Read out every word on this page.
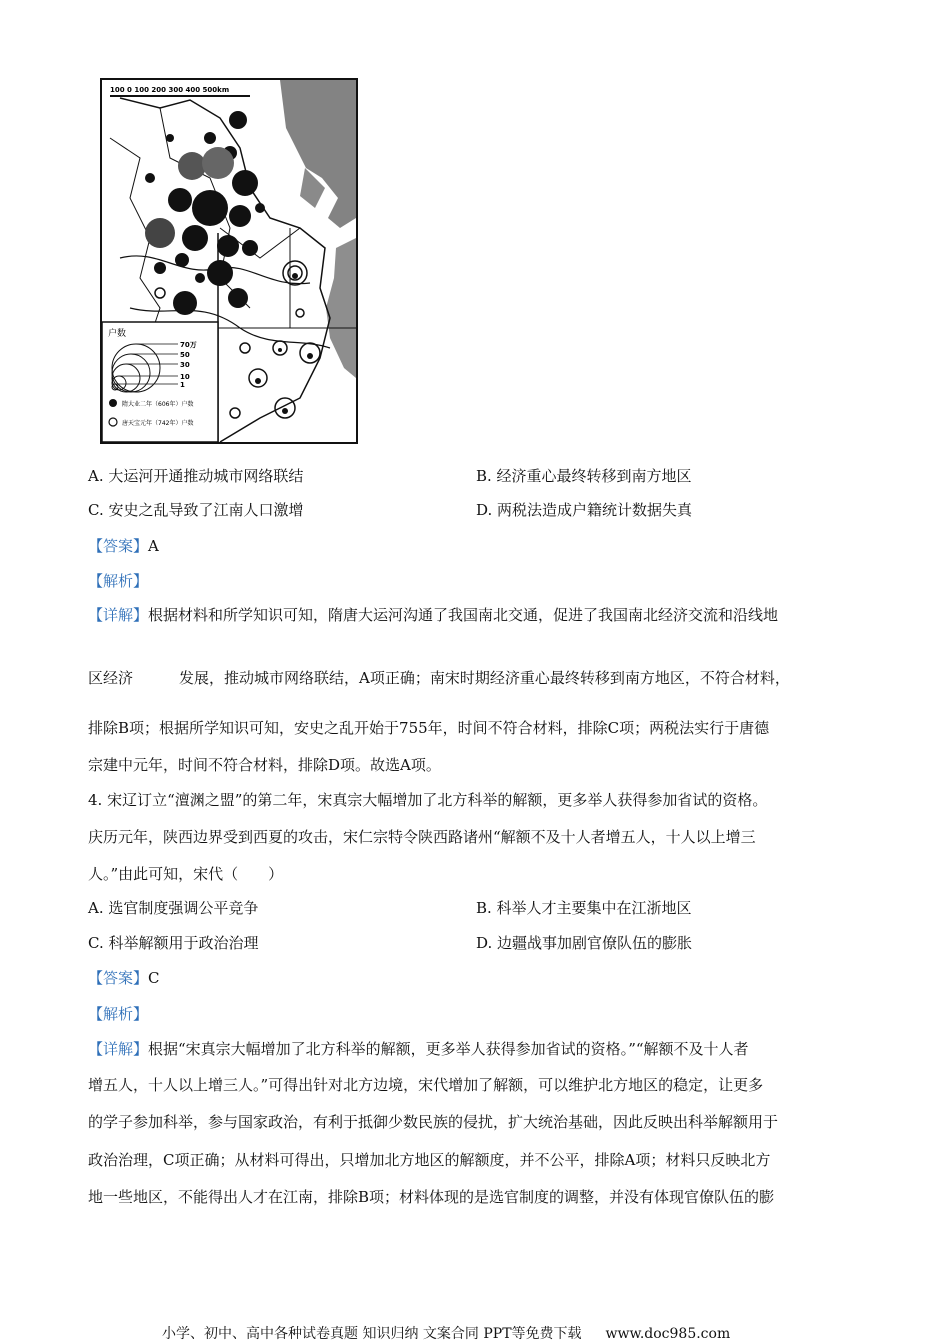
100 0 100 200 300 400 500km
户数
70万
50
30
10
1
隋大业二年（606年）户数
唐天宝元年（742年）户数
A. 大运河开通推动城市网络联结	B. 经济重心最终转移到南方地区
C. 安史之乱导致了江南人口激增	D. 两税法造成户籍统计数据失真
【答案】A
【解析】
【详解】根据材料和所学知识可知，隋唐大运河沟通了我国南北交通，促进了我国南北经济交流和沿线地
区经济	发展，推动城市网络联结，A项正确；南宋时期经济重心最终转移到南方地区，不符合材料，
排除B项；根据所学知识可知，安史之乱开始于755年，时间不符合材料，排除C项；两税法实行于唐德
宗建中元年，时间不符合材料，排除D项。故选A项。
4. 宋辽订立“澶渊之盟”的第二年，宋真宗大幅增加了北方科举的解额，更多举人获得参加省试的资格。
庆历元年，陕西边界受到西夏的攻击，宋仁宗特令陕西路诸州“解额不及十人者增五人，十人以上增三
人。”由此可知，宋代（　　）
A. 选官制度强调公平竞争	B. 科举人才主要集中在江浙地区
C. 科举解额用于政治治理	D. 边疆战事加剧官僚队伍的膨胀
【答案】C
【解析】
【详解】根据“宋真宗大幅增加了北方科举的解额，更多举人获得参加省试的资格。”“解额不及十人者
增五人，十人以上增三人。”可得出针对北方边境，宋代增加了解额，可以维护北方地区的稳定，让更多
的学子参加科举，参与国家政治，有利于抵御少数民族的侵扰，扩大统治基础，因此反映出科举解额用于
政治治理，C项正确；从材料可得出，只增加北方地区的解额度，并不公平，排除A项；材料只反映北方
地一些地区，不能得出人才在江南，排除B项；材料体现的是选官制度的调整，并没有体现官僚队伍的膨
小学、初中、高中各种试卷真题 知识归纳 文案合同 PPT等免费下载 www.doc985.com
